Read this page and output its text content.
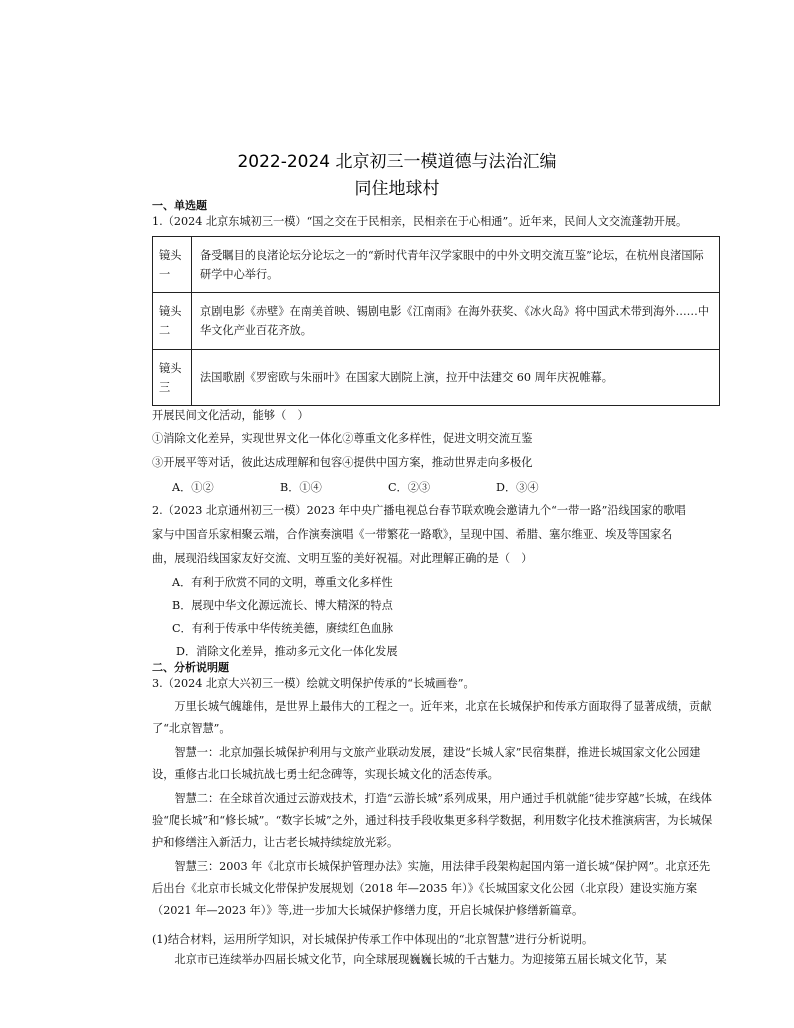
2022-2024 北京初三一模道德与法治汇编
同住地球村
一、单选题
1.（2024 北京东城初三一模）“国之交在于民相亲，民相亲在于心相通”。近年来，民间人文交流蓬勃开展。
镜头一	备受瞩目的良渚论坛分论坛之一的“新时代青年汉学家眼中的中外文明交流互鉴”论坛，在杭州良渚国际研学中心举行。
镜头二	京剧电影《赤壁》在南美首映、锡剧电影《江南雨》在海外获奖、《冰火岛》将中国武术带到海外……中华文化产业百花齐放。
镜头三	法国歌剧《罗密欧与朱丽叶》在国家大剧院上演，拉开中法建交 60 周年庆祝帷幕。
开展民间文化活动，能够（　）
①消除文化差异，实现世界文化一体化②尊重文化多样性，促进文明交流互鉴
③开展平等对话，彼此达成理解和包容④提供中国方案，推动世界走向多极化
A．①②	B．①④	C．②③	D．③④
2.（2023 北京通州初三一模）2023 年中央广播电视总台春节联欢晚会邀请九个“一带一路”沿线国家的歌唱
家与中国音乐家相聚云端，合作演奏演唱《一带繁花一路歌》，呈现中国、希腊、塞尔维亚、埃及等国家名
曲，展现沿线国家友好交流、文明互鉴的美好祝福。对此理解正确的是（　）
A．有利于欣赏不同的文明，尊重文化多样性
B．展现中华文化源远流长、博大精深的特点
C．有利于传承中华传统美德，赓续红色血脉
D．消除文化差异，推动多元文化一体化发展
二、分析说明题
3.（2024 北京大兴初三一模）绘就文明保护传承的“长城画卷”。
万里长城气魄雄伟，是世界上最伟大的工程之一。近年来，北京在长城保护和传承方面取得了显著成绩，贡献了“北京智慧”。
智慧一：北京加强长城保护利用与文旅产业联动发展，建设“长城人家”民宿集群，推进长城国家文化公园建设，重修古北口长城抗战七勇士纪念碑等，实现长城文化的活态传承。
智慧二：在全球首次通过云游戏技术，打造“云游长城”系列成果，用户通过手机就能“徒步穿越”长城，在线体验“爬长城”和“修长城”。“数字长城”之外，通过科技手段收集更多科学数据，利用数字化技术推演病害，为长城保护和修缮注入新活力，让古老长城持续绽放光彩。
智慧三：2003 年《北京市长城保护管理办法》实施，用法律手段架构起国内第一道长城“保护网”。北京还先后出台《北京市长城文化带保护发展规划（2018 年—2035 年）》《长城国家文化公园（北京段）建设实施方案（2021 年—2023 年）》等,进一步加大长城保护修缮力度，开启长城保护修缮新篇章。
(1)结合材料，运用所学知识，对长城保护传承工作中体现出的“北京智慧”进行分析说明。
北京市已连续举办四届长城文化节，向全球展现巍巍长城的千古魅力。为迎接第五届长城文化节，某
